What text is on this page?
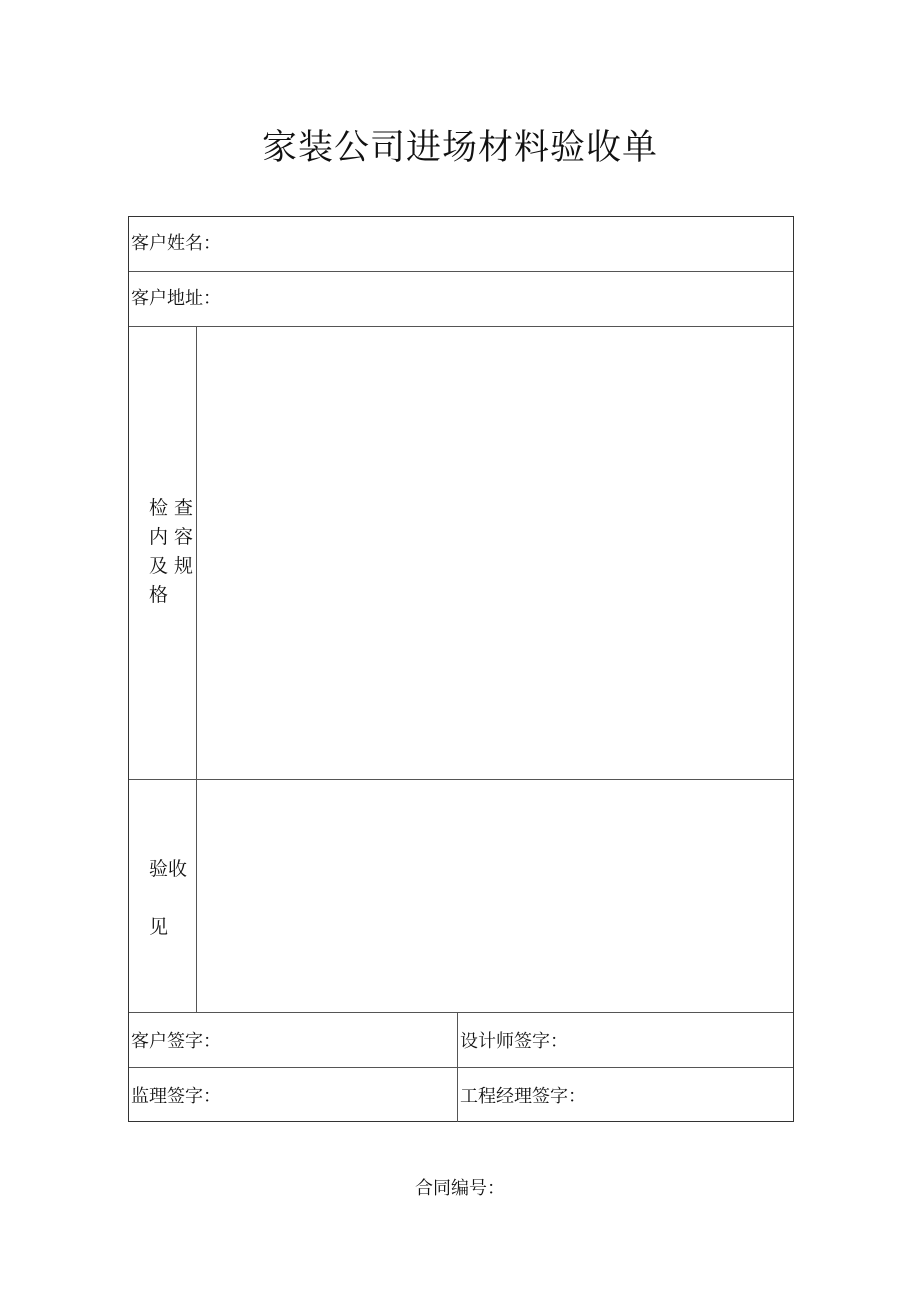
家装公司进场材料验收单
客户姓名：
客户地址：
检 查
内 容
及 规
格
验收
见
客户签字：	设计师签字：
监理签字：	工程经理签字：
合同编号：
